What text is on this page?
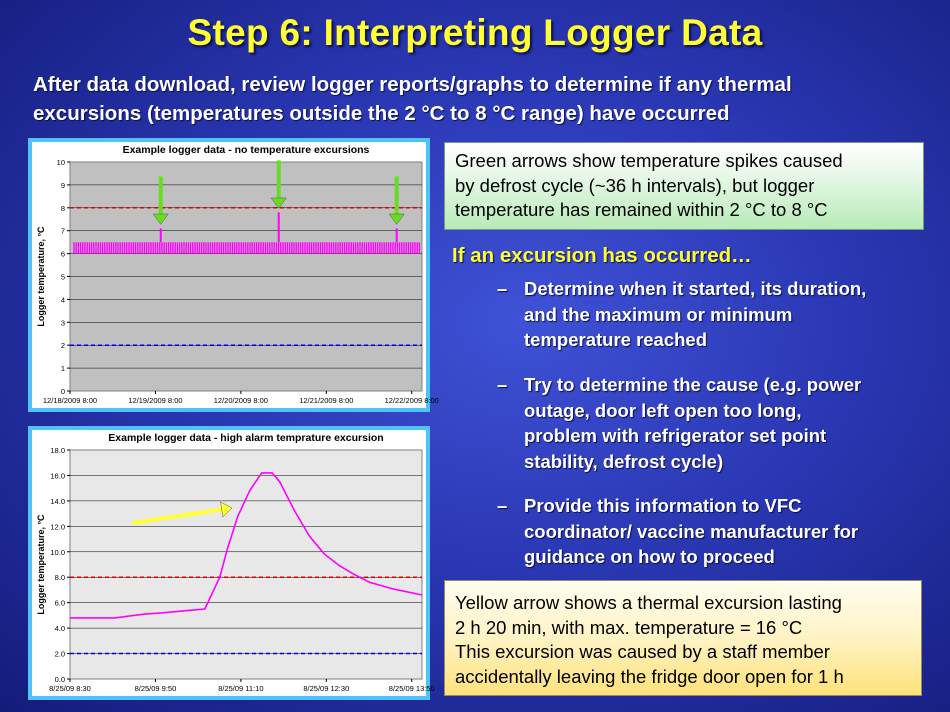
Step 6: Interpreting Logger Data
After data download, review logger reports/graphs to determine if any thermal
excursions (temperatures outside the 2 °C to 8 °C range) have occurred
Example logger data - no temperature excursions
0
1
2
3
4
5
6
7
8
9
10
12/18/2009 8:00	12/19/2009 8:00	12/20/2009 8:00	12/21/2009 8:00	12/22/2009 8:00
Logger temperature, °C
Example logger data - high alarm temprature excursion
0.0
2.0
4.0
6.0
8.0
10.0
12.0
14.0
16.0
18.0
8/25/09 8:30	8/25/09 9:50	8/25/09 11:10	8/25/09 12:30	8/25/09 13:50
Logger temperature, °C
Green arrows show temperature spikes caused
by defrost cycle (~36 h intervals), but logger
temperature has remained within 2 °C to 8 °C
If an excursion has occurred…
– Determine when it started, its duration,
and the maximum or minimum
temperature reached
– Try to determine the cause (e.g. power
outage, door left open too long,
problem with refrigerator set point
stability, defrost cycle)
– Provide this information to VFC
coordinator/ vaccine manufacturer for
guidance on how to proceed
Yellow arrow shows a thermal excursion lasting
2 h 20 min, with max. temperature = 16 °C
This excursion was caused by a staff member
accidentally leaving the fridge door open for 1 h
